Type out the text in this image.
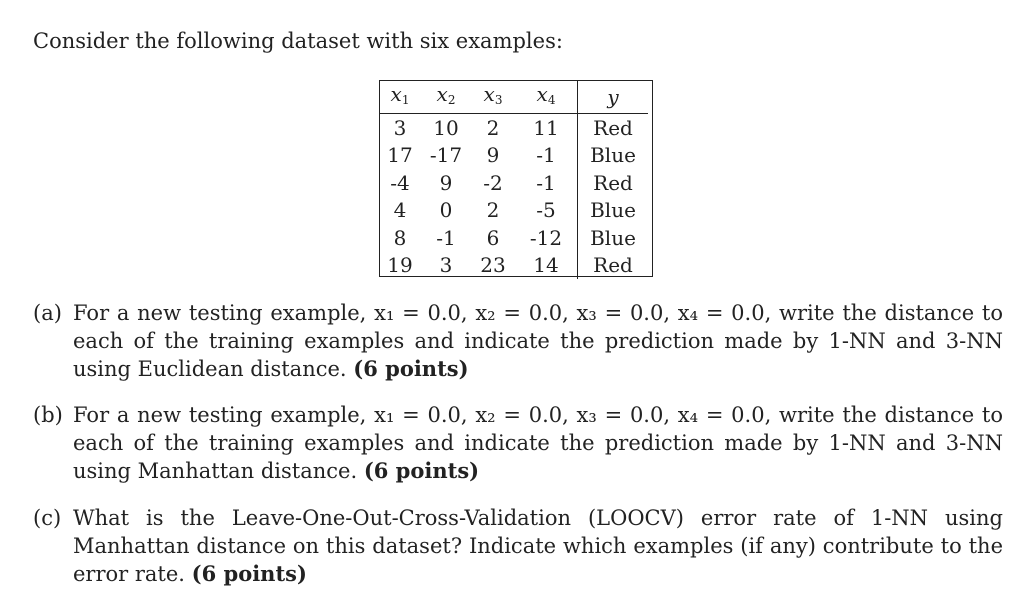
Consider the following dataset with six examples:
$x_1$	$x_2$	$x_3$	$x_4$	y
3	10	2	11	Red
17	-17	9	-1	Blue
-4	9	-2	-1	Red
4	0	2	-5	Blue
8	-1	6	-12	Blue
19	3	23	14	Red
(a) For a new testing example, x₁ = 0.0, x₂ = 0.0, x₃ = 0.0, x₄ = 0.0, write the distance to each of the training examples and indicate the prediction made by 1-NN and 3-NN using Euclidean distance. (6 points)
(b) For a new testing example, x₁ = 0.0, x₂ = 0.0, x₃ = 0.0, x₄ = 0.0, write the distance to each of the training examples and indicate the prediction made by 1-NN and 3-NN using Manhattan distance. (6 points)
(c) What is the Leave-One-Out-Cross-Validation (LOOCV) error rate of 1-NN using Manhattan distance on this dataset? Indicate which examples (if any) contribute to the error rate. (6 points)
